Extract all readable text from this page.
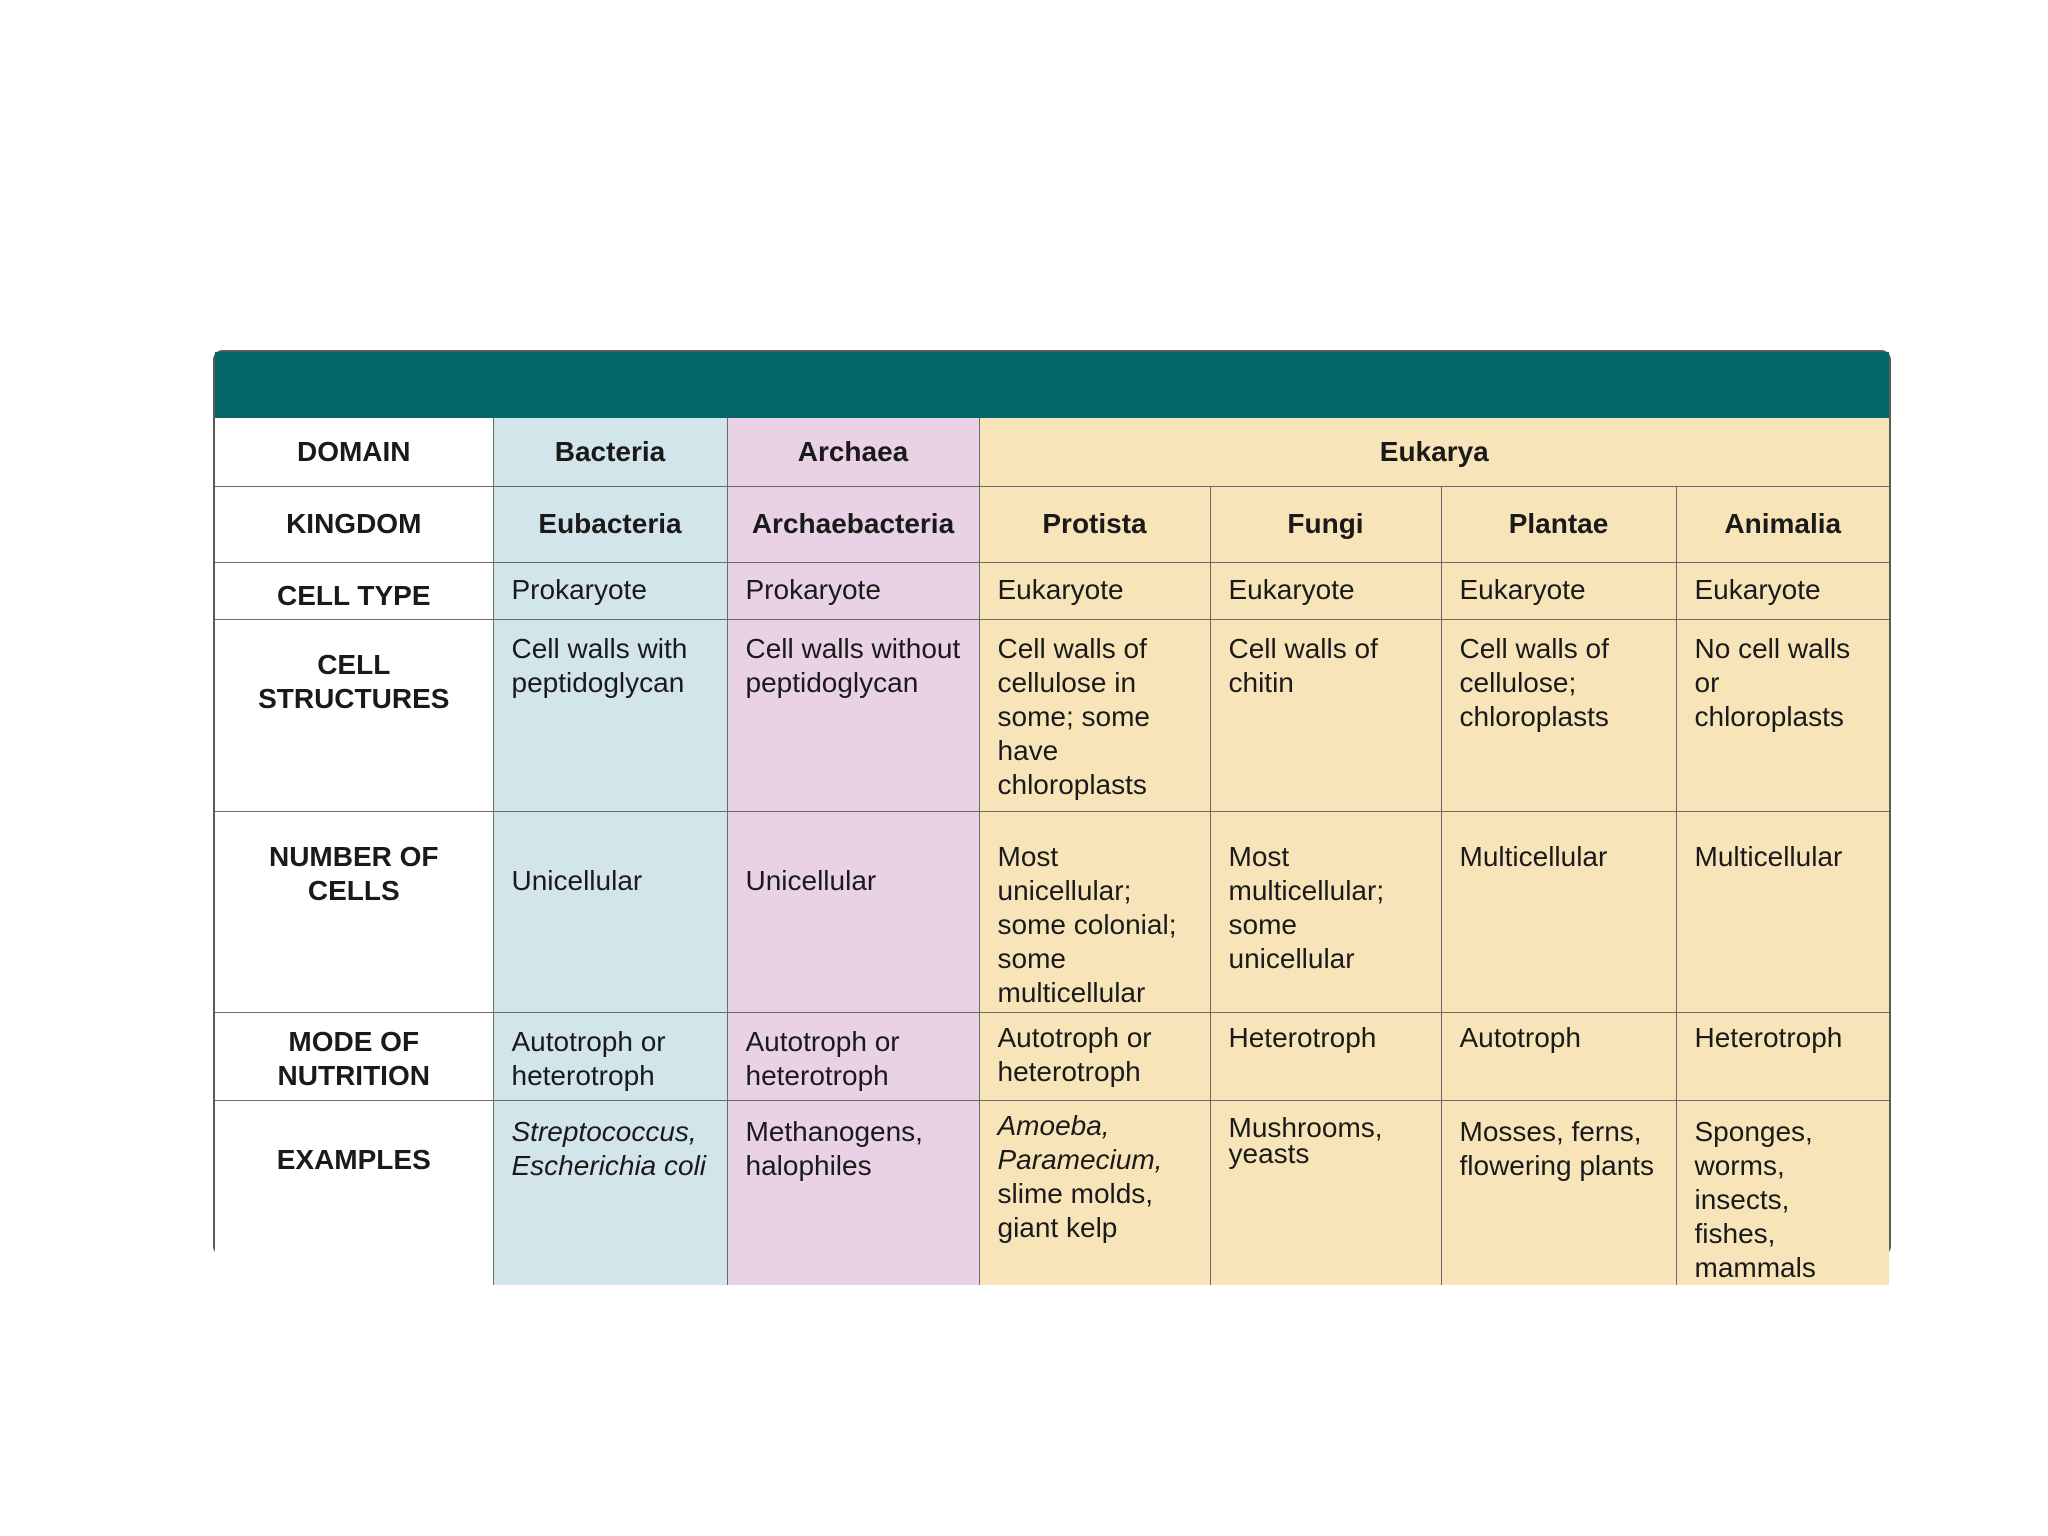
DOMAIN	Bacteria	Archaea	Eukarya			
KINGDOM	Eubacteria	Archaebacteria	Protista	Fungi	Plantae	Animalia
CELL TYPE	Prokaryote	Prokaryote	Eukaryote	Eukaryote	Eukaryote	Eukaryote
CELL STRUCTURES	Cell walls with peptidoglycan	Cell walls without peptidoglycan	Cell walls of cellulose in some; some have chloroplasts	Cell walls of chitin	Cell walls of cellulose; chloroplasts	No cell walls or chloroplasts
NUMBER OF CELLS	Unicellular	Unicellular	Most unicellular; some colonial; some multicellular	Most multicellular; some unicellular	Multicellular	Multicellular
MODE OF NUTRITION	Autotroph or heterotroph	Autotroph or heterotroph	Autotroph or heterotroph	Heterotroph	Autotroph	Heterotroph
EXAMPLES	Streptococcus, Escherichia coli	Methanogens, halophiles	Amoeba, Paramecium, slime molds, giant kelp	Mushrooms, yeasts	Mosses, ferns, flowering plants	Sponges, worms, insects, fishes, mammals
